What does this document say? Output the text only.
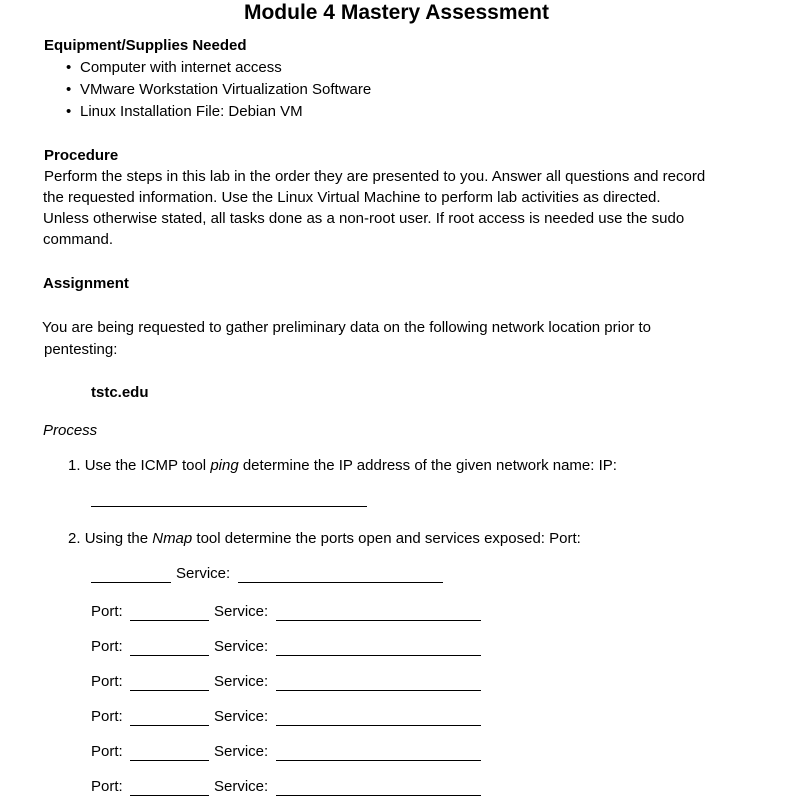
Module 4 Mastery Assessment
Equipment/Supplies Needed
• Computer with internet access
• VMware Workstation Virtualization Software
• Linux Installation File: Debian VM
Procedure
Perform the steps in this lab in the order they are presented to you. Answer all questions and record
the requested information. Use the Linux Virtual Machine to perform lab activities as directed.
Unless otherwise stated, all tasks done as a non-root user. If root access is needed use the sudo
command.
Assignment
You are being requested to gather preliminary data on the following network location prior to
pentesting:
tstc.edu
Process
1. Use the ICMP tool ping determine the IP address of the given network name: IP:
2. Using the Nmap tool determine the ports open and services exposed: Port:
Service:
Port:	Service:
Port:	Service:
Port:	Service:
Port:	Service:
Port:	Service:
Port:	Service:
